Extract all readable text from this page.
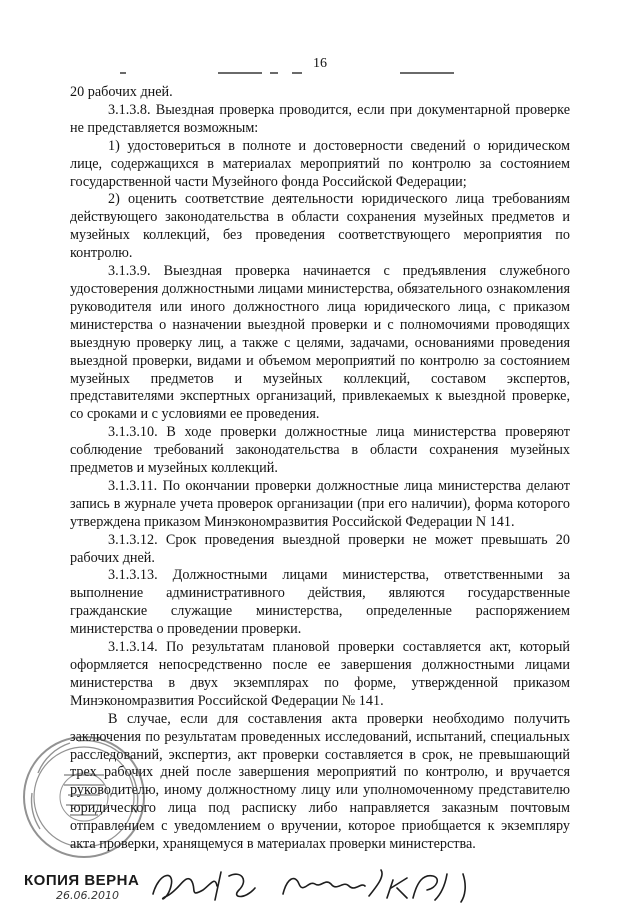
16

20 рабочих дней.

3.1.3.8. Выездная проверка проводится, если при документарной проверке не представляется возможным:

1) удостовериться в полноте и достоверности сведений о юридическом лице, содержащихся в материалах мероприятий по контролю за состоянием государственной части Музейного фонда Российской Федерации;

2) оценить соответствие деятельности юридического лица требованиям действующего законодательства в области сохранения музейных предметов и музейных коллекций, без проведения соответствующего мероприятия по контролю.

3.1.3.9. Выездная проверка начинается с предъявления служебного удостоверения должностными лицами министерства, обязательного ознакомления руководителя или иного должностного лица юридического лица, с приказом министерства о назначении выездной проверки и с полномочиями проводящих выездную проверку лиц, а также с целями, задачами, основаниями проведения выездной проверки, видами и объемом мероприятий по контролю за состоянием музейных предметов и музейных коллекций, составом экспертов, представителями экспертных организаций, привлекаемых к выездной проверке, со сроками и с условиями ее проведения.

3.1.3.10. В ходе проверки должностные лица министерства проверяют соблюдение требований законодательства в области сохранения музейных предметов и музейных коллекций.

3.1.3.11. По окончании проверки должностные лица министерства делают запись в журнале учета проверок организации (при его наличии), форма которого утверждена приказом Минэкономразвития Российской Федерации N 141.

3.1.3.12. Срок проведения выездной проверки не может превышать 20 рабочих дней.

3.1.3.13. Должностными лицами министерства, ответственными за выполнение административного действия, являются государственные гражданские служащие министерства, определенные распоряжением министерства о проведении проверки.

3.1.3.14. По результатам плановой проверки составляется акт, который оформляется непосредственно после ее завершения должностными лицами министерства в двух экземплярах по форме, утвержденной приказом Минэкономразвития Российской Федерации № 141.

В случае, если для составления акта проверки необходимо получить заключения по результатам проведенных исследований, испытаний, специальных расследований, экспертиз, акт проверки составляется в срок, не превышающий трех рабочих дней после завершения мероприятий по контролю, и вручается руководителю, иному должностному лицу или уполномоченному представителю юридического лица под расписку либо направляется заказным почтовым отправлением с уведомлением о вручении, которое приобщается к экземпляру акта проверки, хранящемуся в материалах проверки министерства.

КОПИЯ ВЕРНА
26.06.2010
